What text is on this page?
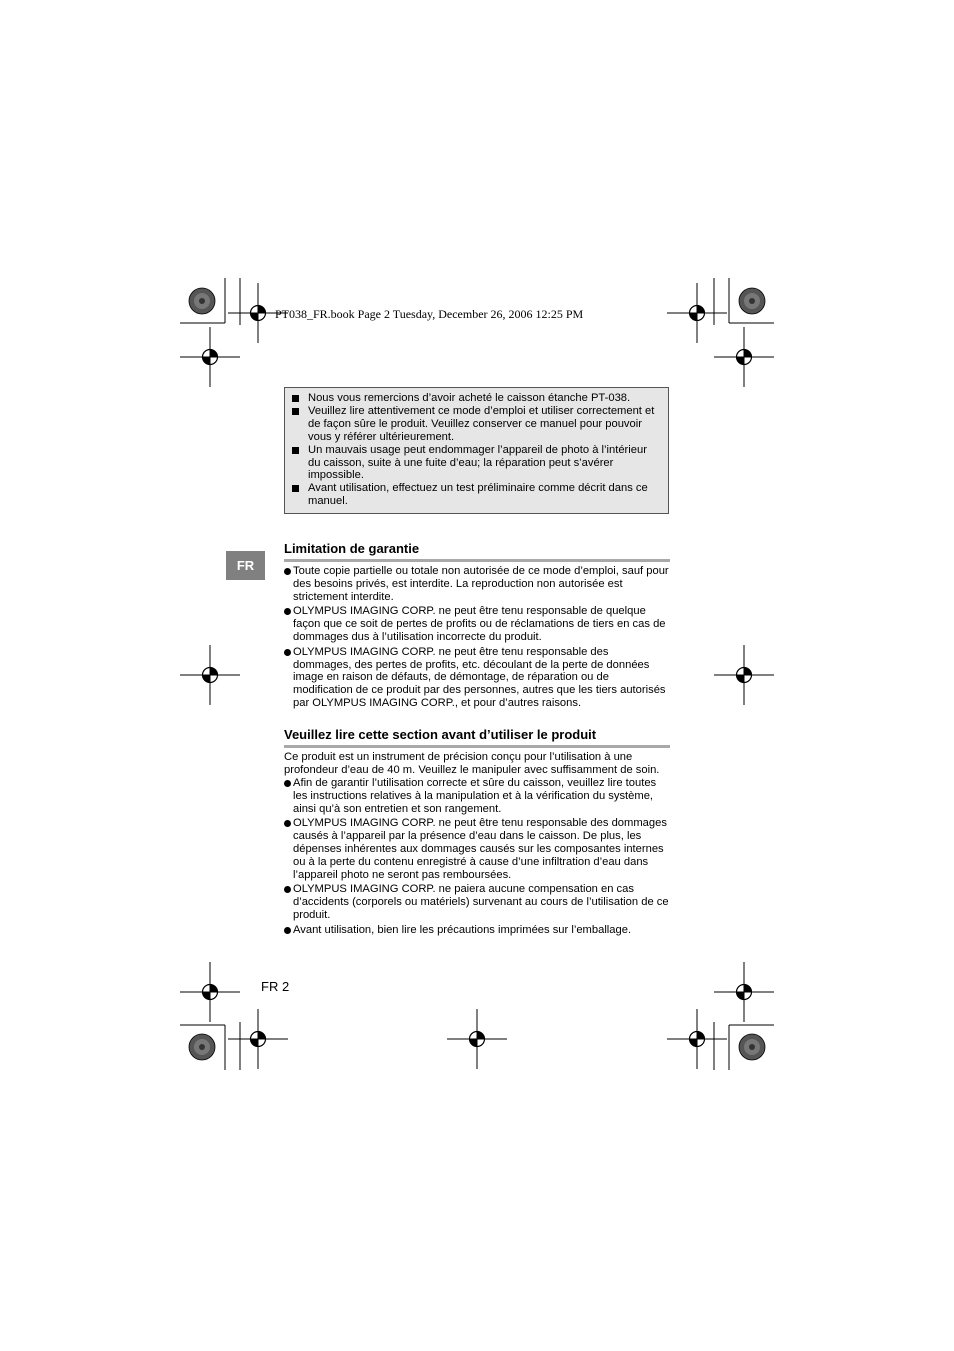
PT038_FR.book Page 2 Tuesday, December 26, 2006 12:25 PM
Nous vous remercions d’avoir acheté le caisson étanche PT-038.
Veuillez lire attentivement ce mode d’emploi et utiliser correctement et de façon sûre le produit. Veuillez conserver ce manuel pour pouvoir vous y référer ultérieurement.
Un mauvais usage peut endommager l’appareil de photo à l’intérieur du caisson, suite à une fuite d’eau; la réparation peut s’avérer impossible.
Avant utilisation, effectuez un test préliminaire comme décrit dans ce manuel.
FR
Limitation de garantie
Toute copie partielle ou totale non autorisée de ce mode d’emploi, sauf pour des besoins privés, est interdite. La reproduction non autorisée est strictement interdite.
OLYMPUS IMAGING CORP. ne peut être tenu responsable de quelque façon que ce soit de pertes de profits ou de réclamations de tiers en cas de dommages dus à l’utilisation incorrecte du produit.
OLYMPUS IMAGING CORP. ne peut être tenu responsable des dommages, des pertes de profits, etc. découlant de la perte de données image en raison de défauts, de démontage, de réparation ou de modification de ce produit par des personnes, autres que les tiers autorisés par OLYMPUS IMAGING CORP., et pour d’autres raisons.
Veuillez lire cette section avant d’utiliser le produit
Ce produit est un instrument de précision conçu pour l’utilisation à une profondeur d’eau de 40 m. Veuillez le manipuler avec suffisamment de soin.
Afin de garantir l’utilisation correcte et sûre du caisson, veuillez lire toutes les instructions relatives à la manipulation et à la vérification du système, ainsi qu’à son entretien et son rangement.
OLYMPUS IMAGING CORP. ne peut être tenu responsable des dommages causés à l’appareil par la présence d’eau dans le caisson. De plus, les dépenses inhérentes aux dommages causés sur les composantes internes ou à la perte du contenu enregistré à cause d’une infiltration d’eau dans l’appareil photo ne seront pas remboursées.
OLYMPUS IMAGING CORP. ne paiera aucune compensation en cas d’accidents (corporels ou matériels) survenant au cours de l’utilisation de ce produit.
Avant utilisation, bien lire les précautions imprimées sur l’emballage.
FR 2
